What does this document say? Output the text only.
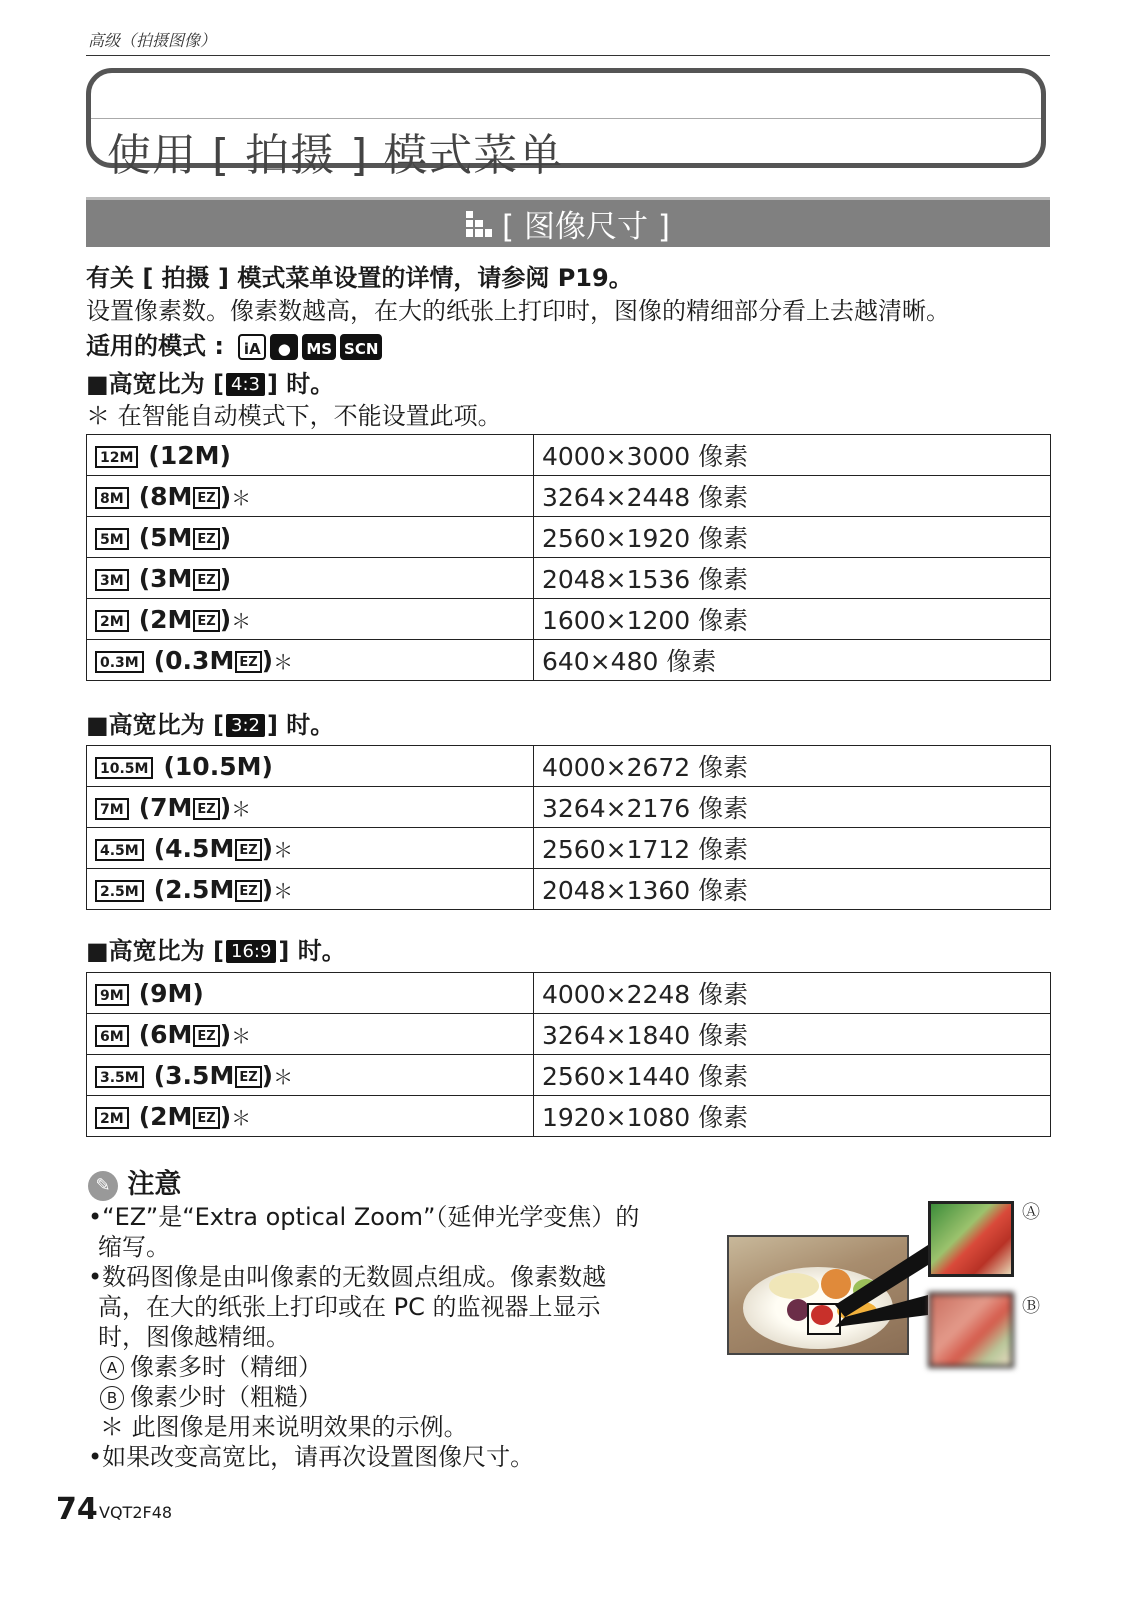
高级（拍摄图像）
使用 [ 拍摄 ] 模式菜单
[ 图像尺寸 ]
有关 [ 拍摄 ] 模式菜单设置的详情，请参阅 P19。
设置像素数。像素数越高，在大的纸张上打印时，图像的精细部分看上去越清晰。
适用的模式 :	iA	●	MS SCN
■高宽比为 [ 4:3 ] 时。
＊ 在智能自动模式下，不能设置此项。
12M (12M)	4000×3000 像素
8M (8M EZ )＊	3264×2448 像素
5M (5M EZ )	2560×1920 像素
3M (3M EZ )	2048×1536 像素
2M (2M EZ )＊	1600×1200 像素
0.3M (0.3M EZ )＊	640×480 像素
■高宽比为 [ 3:2 ] 时。
10.5M (10.5M)	4000×2672 像素
7M (7M EZ )＊	3264×2176 像素
4.5M (4.5M EZ )＊	2560×1712 像素
2.5M (2.5M EZ )＊	2048×1360 像素
■高宽比为 [ 16:9 ] 时。
9M (9M)	4000×2248 像素
6M (6M EZ )＊	3264×1840 像素
3.5M (3.5M EZ )＊	2560×1440 像素
2M (2M EZ )＊	1920×1080 像素
✎ 注意
•“EZ”是“Extra optical Zoom”（延伸光学变焦）的
缩写。
•数码图像是由叫像素的无数圆点组成。像素数越
高，在大的纸张上打印或在 PC 的监视器上显示
时，图像越精细。
A 像素多时（精细）
B 像素少时（粗糙）
＊ 此图像是用来说明效果的示例。
•如果改变高宽比，请再次设置图像尺寸。
Ⓐ
Ⓑ
74 VQT2F48
